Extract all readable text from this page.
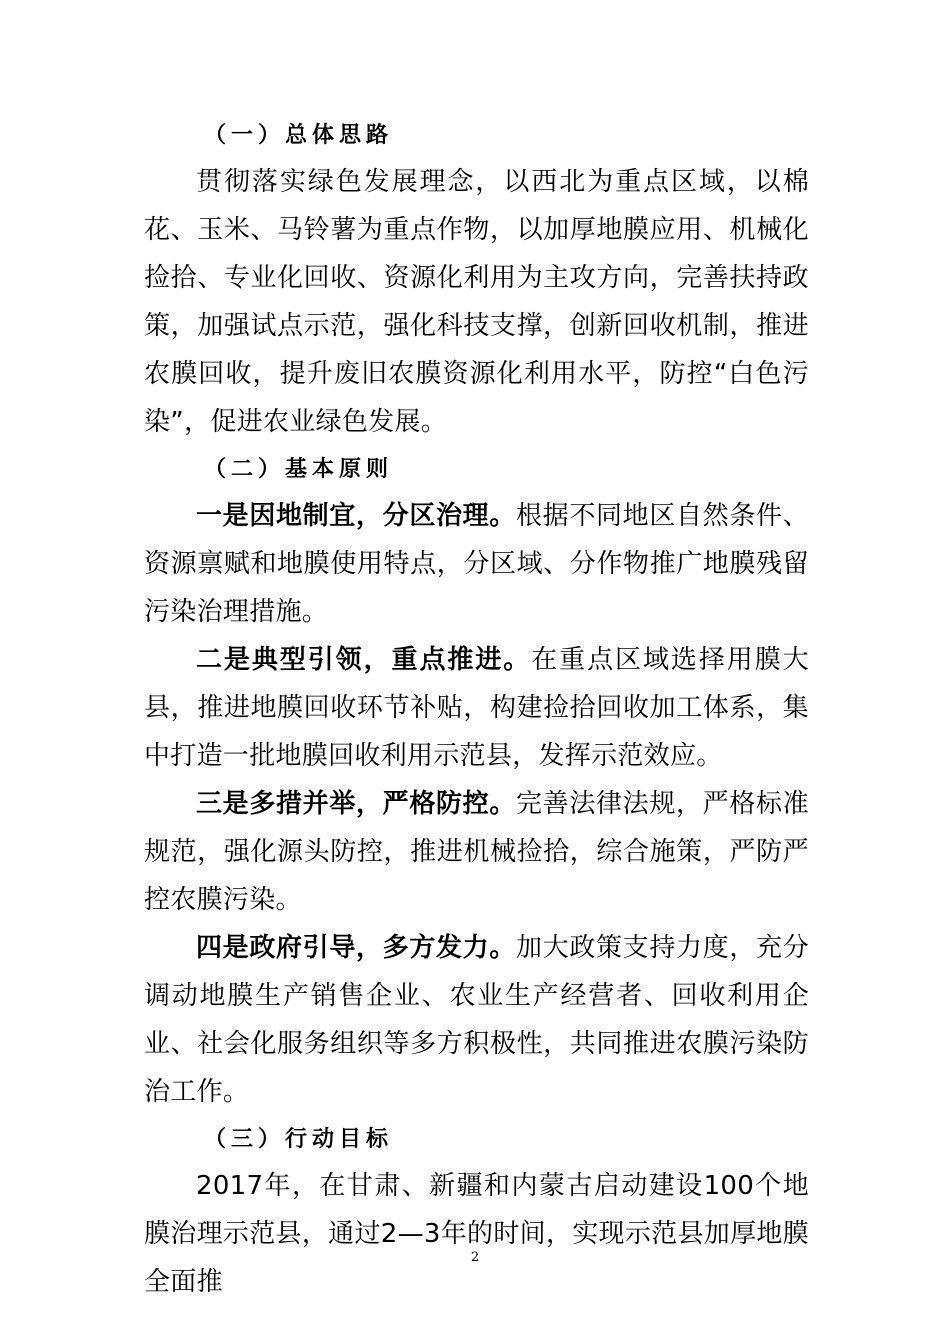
（一）总体思路

贯彻落实绿色发展理念，以西北为重点区域，以棉花、玉米、马铃薯为重点作物，以加厚地膜应用、机械化捡拾、专业化回收、资源化利用为主攻方向，完善扶持政策，加强试点示范，强化科技支撑，创新回收机制，推进农膜回收，提升废旧农膜资源化利用水平，防控“白色污染”，促进农业绿色发展。

（二）基本原则

一是因地制宜，分区治理。根据不同地区自然条件、资源禀赋和地膜使用特点，分区域、分作物推广地膜残留污染治理措施。

二是典型引领，重点推进。在重点区域选择用膜大县，推进地膜回收环节补贴，构建捡拾回收加工体系，集中打造一批地膜回收利用示范县，发挥示范效应。

三是多措并举，严格防控。完善法律法规，严格标准规范，强化源头防控，推进机械捡拾，综合施策，严防严控农膜污染。

四是政府引导，多方发力。加大政策支持力度，充分调动地膜生产销售企业、农业生产经营者、回收利用企业、社会化服务组织等多方积极性，共同推进农膜污染防治工作。

（三）行动目标

2017年，在甘肃、新疆和内蒙古启动建设100个地膜治理示范县，通过2—3年的时间，实现示范县加厚地膜全面推

2
